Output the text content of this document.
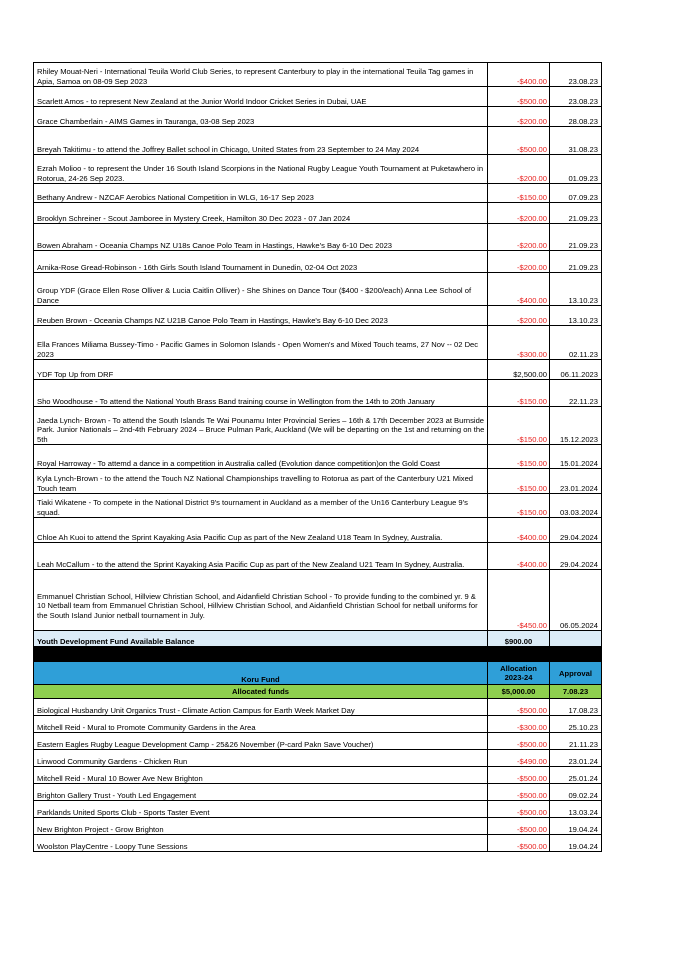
Rhiley Mouat-Neri - International Teuila World Club Series, to represent Canterbury to play in the international Teuila Tag games in Apia, Samoa on 08-09 Sep 2023	-$400.00	23.08.23
Scarlett Amos - to represent New Zealand at the Junior World Indoor Cricket Series in Dubai, UAE	-$500.00	23.08.23
Grace Chamberlain - AIMS Games in Tauranga, 03-08 Sep 2023	-$200.00	28.08.23
Breyah Takitimu - to attend the Joffrey Ballet school in Chicago, United States from 23 September to 24 May 2024	-$500.00	31.08.23
Ezrah Molioo - to represent the Under 16 South Island Scorpions in the National Rugby League Youth Tournament at Puketawhero in Rotorua, 24-26 Sep 2023.	-$200.00	01.09.23
Bethany Andrew - NZCAF Aerobics National Competition in WLG, 16-17 Sep 2023	-$150.00	07.09.23
Brooklyn Schreiner - Scout Jamboree in Mystery Creek, Hamilton 30 Dec 2023 - 07 Jan 2024	-$200.00	21.09.23
Bowen Abraham - Oceania Champs NZ U18s Canoe Polo Team in Hastings, Hawke's Bay 6-10 Dec 2023	-$200.00	21.09.23
Arnika-Rose Gread-Robinson - 16th Girls South Island Tournament in Dunedin, 02-04 Oct 2023	-$200.00	21.09.23
Group YDF (Grace Ellen Rose Olliver & Lucia Caitlin Olliver) - She Shines on Dance Tour ($400 - $200/each) Anna Lee School of Dance	-$400.00	13.10.23
Reuben Brown - Oceania Champs NZ U21B Canoe Polo Team in Hastings, Hawke's Bay 6-10 Dec 2023	-$200.00	13.10.23
Ella Frances Miliama Bussey-Timo - Pacific Games in Solomon Islands - Open Women's and Mixed Touch teams, 27 Nov -- 02 Dec 2023	-$300.00	02.11.23
YDF Top Up from DRF	$2,500.00	06.11.2023
Sho Woodhouse - To attend the National Youth Brass Band training course in Wellington from the 14th to 20th January	-$150.00	22.11.23
Jaeda Lynch- Brown - To attend the South Islands Te Wai Pounamu Inter Provincial Series – 16th & 17th December 2023 at Burnside Park. Junior Nationals – 2nd-4th February 2024 – Bruce Pulman Park, Auckland (We will be departing on the 1st and returning on the 5th	-$150.00	15.12.2023
Royal Harroway - To attemd a dance in a competition in Australia called (Evolution dance competition)on the Gold Coast	-$150.00	15.01.2024
Kyla Lynch-Brown - to the attend the Touch NZ National Championships travelling to Rotorua as part of the Canterbury U21 Mixed Touch team	-$150.00	23.01.2024
Tiaki Wikatene - To compete in the National District 9's tournament in Auckland as a member of the Un16 Canterbury League 9's squad.	-$150.00	03.03.2024
Chloe Ah Kuoi to attend the Sprint Kayaking Asia Pacific Cup as part of the New Zealand U18 Team In Sydney, Australia.	-$400.00	29.04.2024
Leah McCallum - to the attend the Sprint Kayaking Asia Pacific Cup as part of the New Zealand U21 Team In Sydney, Australia.	-$400.00	29.04.2024
Emmanuel Christian School, Hillview Christian School, and Aidanfield Christian School - To provide funding to the combined yr. 9 & 10 Netball team from Emmanuel Christian School, Hillview Christian School, and Aidanfield Christian School for netball uniforms for the South Island Junior netball tournament in July.	-$450.00	06.05.2024
Youth Development Fund Available Balance	$900.00	

Koru Fund	Allocation 2023-24	Approval
Allocated funds	$5,000.00	7.08.23
Biological Husbandry Unit Organics Trust - Climate Action Campus for Earth Week Market Day	-$500.00	17.08.23
Mitchell Reid - Mural to Promote Community Gardens in the Area	-$300.00	25.10.23
Eastern Eagles Rugby League Development Camp - 25&26 November (P-card Pakn Save Voucher)	-$500.00	21.11.23
Linwood Community Gardens - Chicken Run	-$490.00	23.01.24
Mitchell Reid - Mural 10 Bower Ave New Brighton	-$500.00	25.01.24
Brighton Gallery Trust - Youth Led Engagement	-$500.00	09.02.24
Parklands United Sports Club - Sports Taster Event	-$500.00	13.03.24
New Brighton Project - Grow Brighton	-$500.00	19.04.24
Woolston PlayCentre - Loopy Tune Sessions	-$500.00	19.04.24
